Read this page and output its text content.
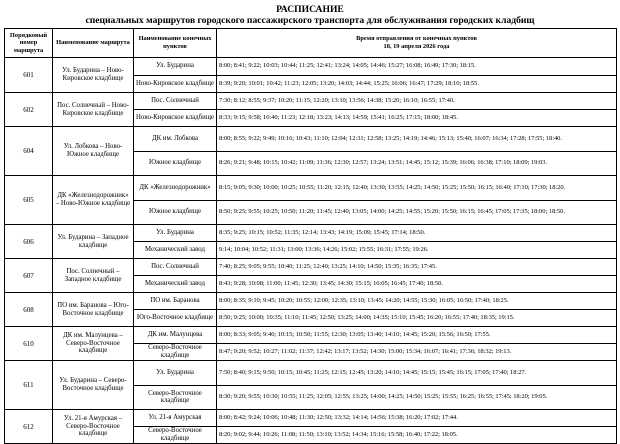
РАСПИСАНИЕ
специальных маршрутов городского пассажирского транспорта для обслуживания городских кладбищ
Порядковый номер маршрута	Наименование маршрута	Наименование конечных пунктов	Время отправления от конечных пунктов
18, 19 апреля 2026 года

601	Ул. Бударина – Ново-Кировское кладбище	Ул. Бударина	8:00; 8:41; 9:22; 10:03; 10:44; 11:25; 12:41; 13:24; 14:05; 14:46; 15:27; 16:08; 16:49; 17:30; 18:15.
		Ново-Кировское кладбище	8:39; 9:20; 10:01; 10:42; 11:23; 12:05; 13:20; 14:03; 14:44; 15:25; 16:06; 16:47; 17:29; 18:10; 18:55.
602	Пос. Солнечный – Ново-Кировское кладбище	Пос. Солнечный	7:30; 8:12; 8:55; 9:37; 10:20; 11:15; 12:20; 13:10; 13:56; 14:38; 15:20; 16:10; 16:55; 17:40.
		Ново-Кировское кладбище	8:33; 9:15; 9:58; 10:40; 11:23; 12:18; 13:23; 14:13; 14:59; 15:41; 16:25; 17:15; 18:00; 18:45.
604	Ул. Лобкова – Ново-Южное кладбище	ДК им. Лобкова	8:00; 8:55; 9:22; 9:49; 10:16; 10:43; 11:10; 12:04; 12:31; 12:58; 13:25; 14:19; 14:46; 15:13; 15:40; 16:07; 16:34; 17:28; 17:55; 18:40.
		Южное кладбище	8:26; 9:21; 9:48; 10:15; 10:42; 11:09; 11:36; 12:30; 12:57; 13:24; 13:51; 14:45; 15:12; 15:39; 16:06; 16:38; 17:10; 18:09; 19:03.
605	ДК «Железнодорожник» – Ново-Южное кладбище	ДК «Железнодорожник»	8:15; 9:05; 9:30; 10:00; 10:25; 10:55; 11:20; 12:15; 12:40; 13:30; 13:55; 14:25; 14:50; 15:25; 15:50; 16:15; 16:40; 17:10; 17:30; 18:20.
		Южное кладбище	8:50; 9:25; 9:55; 10:25; 10:50; 11:20; 11:45; 12:40; 13:05; 14:00; 14:25; 14:55; 15:20; 15:50; 16:15; 16:45; 17:05; 17:35; 18:00; 18:50.
606	Ул. Бударина – Западное кладбище	Ул. Бударина	8:35; 9:25; 10:15; 10:52; 11:35; 12:14; 13:43; 14:19; 15:09; 15:45; 17:14; 18:50.
		Механический завод	9:14; 10:04; 10:52; 11:31; 13:00; 13:36; 14:26; 15:02; 15:55; 16:31; 17:55; 19:26.
607	Пос. Солнечный – Западное кладбище	Пос. Солнечный	7:40; 8:25; 9:05; 9:55; 10:40; 11:25; 12:40; 13:25; 14:10; 14:50; 15:35; 16:35; 17:45.
		Механический завод	8:43; 9:28; 10:08; 11:00; 11:45; 12:30; 13:45; 14:30; 15:15; 16:05; 16:45; 17:40; 18:50.
608	ПО им. Баранова – Юго-Восточное кладбище	ПО им. Баранова	8:00; 8:35; 9:10; 9:45; 10:20; 10:55; 12:00; 12:35; 13:10; 13:45; 14:20; 14:55; 15:30; 16:05; 16:50; 17:40; 18:25.
		Юго-Восточное кладбище	8:50; 9:25; 10:00; 10:35; 11:10; 11:45; 12:50; 13:25; 14:00; 14:35; 15:10; 15:45; 16:20; 16:55; 17:40; 18:35; 19:15.
610	ДК им. Малунцева – Северо-Восточное кладбище	ДК им. Малунцева	8:00; 8:33; 9:05; 9:40; 10:15; 10:50; 11:55; 12:30; 13:05; 13:40; 14:10; 14:45; 15:20; 15:56; 16:50; 17:55.
		Северо-Восточное кладбище	8:47; 9:20; 9:52; 10:27; 11:02; 11:37; 12:42; 13:17; 13:52; 14:30; 15:00; 15:34; 16:07; 16:41; 17:36; 18:32; 19:13.
611	Ул. Бударина – Северо-Восточное кладбище	Ул. Бударина	7:50; 8:40; 9:15; 9:50; 10:15; 10:45; 11:25; 12:15; 12:45; 13:20; 14:10; 14:45; 15:15; 15:45; 16:15; 17:05; 17:40; 18:27.
		Северо-Восточное кладбище	8:30; 9:20; 9:55; 10:30; 10:55; 11:25; 12:05; 12:55; 13:25; 14:00; 14:25; 14:50; 15:25; 15:55; 16:25; 16:55; 17:45; 18:20; 19:05.
612	Ул. 21-я Амурская – Северо-Восточное кладбище	Ул. 21-я Амурская	8:00; 8:42; 9:24; 10:06; 10:48; 11:30; 12:50; 13:32; 14:14; 14:56; 15:38; 16:20; 17:02; 17:44.
		Северо-Восточное кладбище	8:20; 9:02; 9:44; 10:26; 11:08; 11:50; 13:10; 13:52; 14:34; 15:16; 15:58; 16:40; 17:22; 18:05.
